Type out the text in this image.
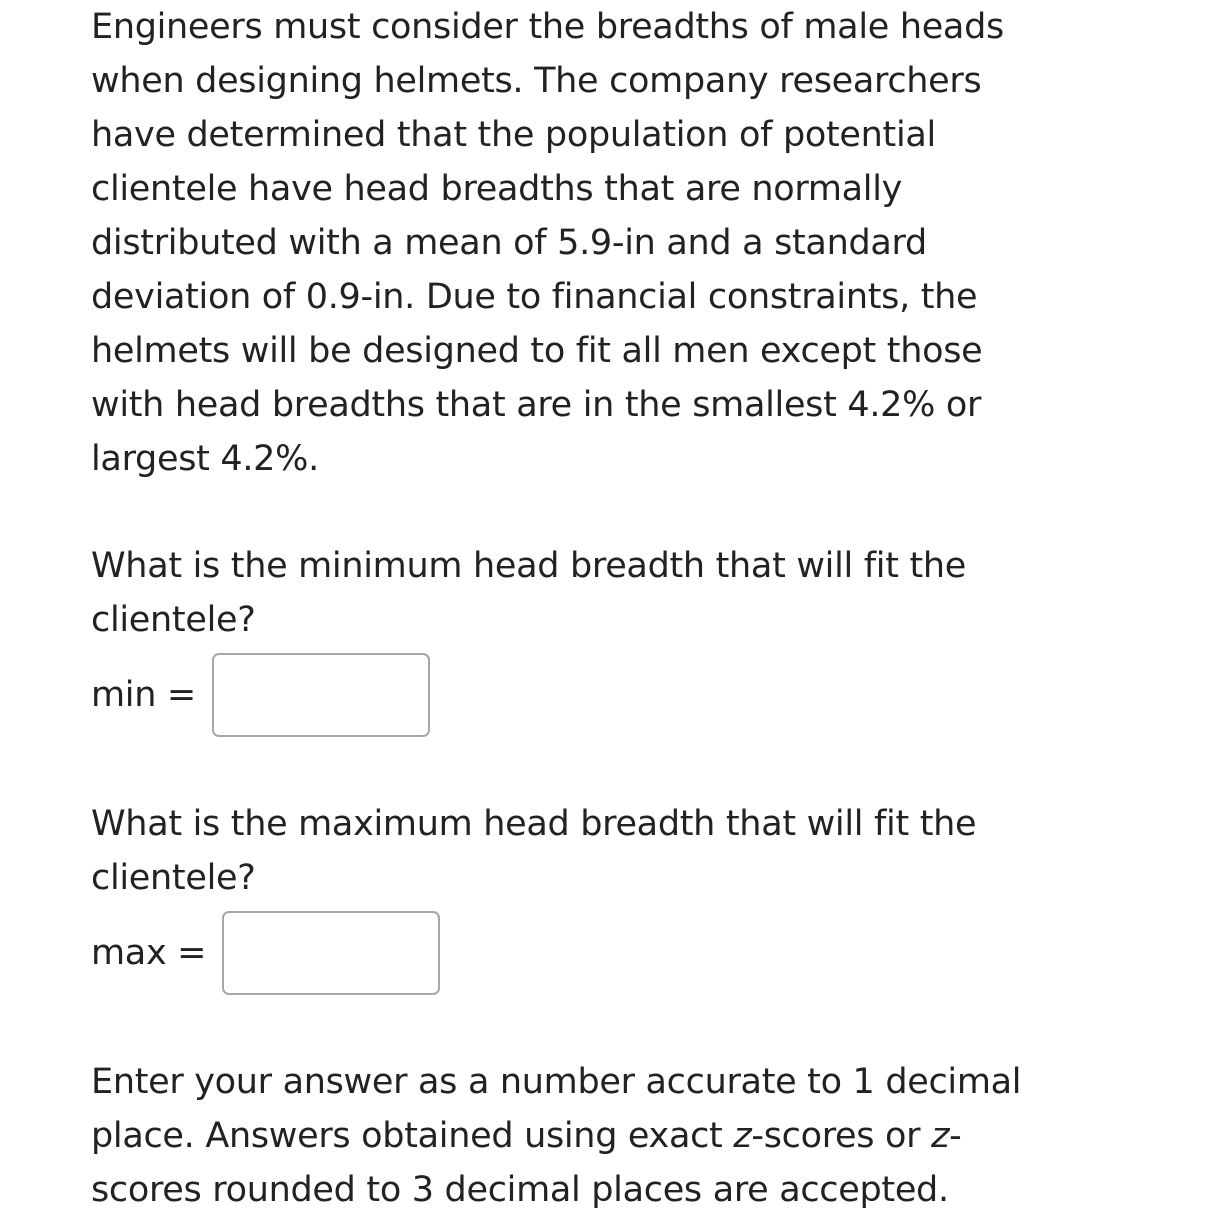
Engineers must consider the breadths of male heads
when designing helmets. The company researchers
have determined that the population of potential
clientele have head breadths that are normally
distributed with a mean of 5.9-in and a standard
deviation of 0.9-in. Due to financial constraints, the
helmets will be designed to fit all men except those
with head breadths that are in the smallest 4.2% or
largest 4.2%.

What is the minimum head breadth that will fit the
clientele?

min =

What is the maximum head breadth that will fit the
clientele?

max =

Enter your answer as a number accurate to 1 decimal
place. Answers obtained using exact z-scores or z-
scores rounded to 3 decimal places are accepted.
